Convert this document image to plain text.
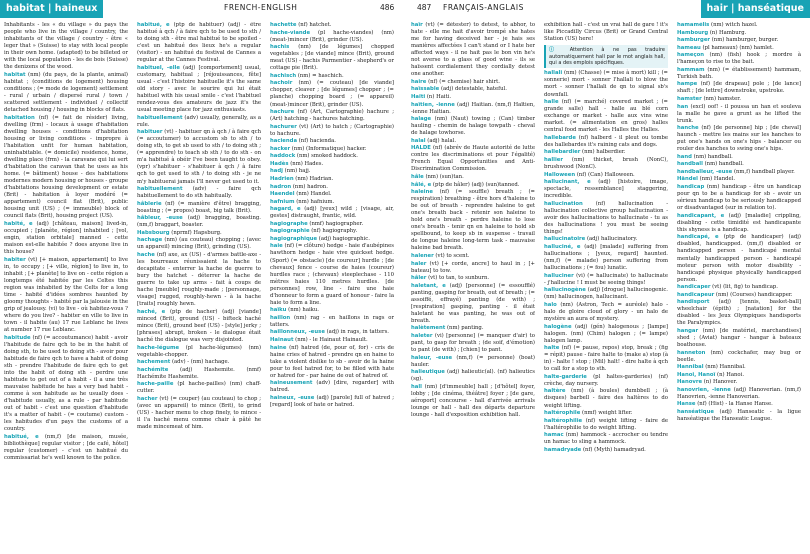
habitat | haineux	FRENCH-ENGLISH	486
Inhabitants - les « du village » du pays the people who live in the village / country, the inhabitants of the village / country - être « leger that » (Suisse) to stay with local people in their own home. (adapted) to be billeted or with the local population - les de bois (Suisse) the denizens of the wood.
habitat (nm) (du pays, de la plante, animal) habitat ; (conditions de logement) housing conditions ; (= mode de logement) settlement - rural / urbain / dispersé rural / town / scattered settlement - individuel / collectif detached housing / housing in blocks of flats.
habitation (nf) (= fait de résider) living, dwelling (frm) - locaux à usage d'habitation dwelling houses - conditions d'habitation housing or living conditions - impropre à l'habitation unfit for human habitation, uninhabitable. (= domicile) residence, home, dwelling place (frm) - la caravane qui lui sert d'habitation the caravan that he uses as his home. (= bâtiment) house - des habitations modernes modern housing or houses - groupe d'habitations housing development or estate (Brit) - habitation à loyer modéré (= appartement) council flat (Brit), public housing unit (US) ; (= immeuble) block of council flats (Brit), housing project (US).
habité, e (adj) [château, maison] lived-in, occupied ; [planète, région] inhabited ; [vol, engin, station orbitale] manned - cette maison est-elle habitée ? does anyone live in this house?
habiter (vt) [+ maison, appartement] to live in, to occupy ; [+ ville, région] to live in, to inhabit ; [+ planète] to live on - cette région a longtemps été habitée par les Celtes this region was inhabited by the Celts for a long time - habité d'idées sombres haunted by gloomy thoughts - habité par la jalousie in the grip of jealousy. (vi) to live - où habitez-vous ? where do you live? - habiter en ville to live in town - il habite (au) 17 rue Leblanc he lives at number 17 rue Leblanc.
habitude (nf) (= accoutumance) habit - avoir l'habitude de faire qch to be in the habit of doing sth, to be used to doing sth - avoir pour habitude de faire qch to have a habit of doing sth - prendre l'habitude de faire qch to get into the habit of doing sth - perdre une habitude to get out of a habit - il a une très mauvaise habitude he has a very bad habit - comme à son habitude as he usually does - d'habitude usually, as a rule - par habitude out of habit - c'est une question d'habitude it's a matter of habit - (= coutume) custom - les habitudes d'un pays the customs of a country.
habitué, e (nm,f) [de maison, musée, bibliothèque] regular visitor ; [de café, hôtel] regular (customer) - c'est un habitué du commissariat he's well known to the police.
habitué, e (ptp de habituer) (adj) - être habitué à qch / à faire qch to be used to sth / to doing sth - être mal habitué to be spoiled - c'est un habitué des lieux he's a regular (visitor) - un habitué du festival de Cannes a regular at the Cannes Festival.
habituel, -elle (adj) [comportement] usual, customary, habitual ; [réjouissances, fête] usual - c'est l'histoire habituelle it's the same old story - avec le sourire qui lui était habituel with his usual smile - c'est l'habituel rendez-vous des amateurs de jazz it's the usual meeting place for jazz enthusiasts.
habituellement (adv) usually, generally, as a rule.
habituer (vt) - habituer qn à qch / à faire qch (= accoutumer) to accustom sb to sth / to doing sth, to get sb used to sth / to doing sth ; (= apprendre) to teach sb sth / to do sth - on m'a habitué à obéir I've been taught to obey. (vpr) s'habituer - s'habituer à qch / à faire qch to get used to sth / to doing sth - je ne m'y habituerai jamais I'll never get used to it.
habituellement (adv) - faire qch habituellement to do sth habitually.
hâblerie (nf) (= manière d'être) bragging, boasting ; (= propos) boast, big talk (Brit).
hâbleur, -euse (adj) bragging, boasting. (nm,f) braggart, boaster.
Habsbourg (nprmf) Hapsburg.
hachage (nm) (au couteau) chopping ; (avec un appareil) mincing (Brit), grinding (US).
hache (nf) axe, ax (US) - d'armes battle-axe - les bourreaux réunissaient la hache to decapitate - enterrer la hache de guerre to bury the hatchet - déterrer la hache de guerre to take up arms - fait à coups de hache [meuble] roughly-made ; [personnage, visage] rugged, roughly-hewn - à la hache [traits] roughly hewn.
haché, e (ptp de hacher) (adj) [viande] minced (Brit), ground (US) - bifteck haché mince (Brit), ground beef (US) - [style] jerky ; [phrases] abrupt, broken - le dialogue était haché the dialogue was very disjointed.
hache-légume (pl hache-légumes) (nm) vegetable-chopper.
hachement (adv) - (nm) hachage.
hachémite (adj) Hashemite. (nmf) Hachémite Hashemite.
hache-paille (pl hache-pailles) (nm) chaff-cutter.
hacher (vt) (= couper) (au couteau) to chop ; (avec un appareil) to mince (Brit), to grind (US) - hacher menu to chop finely, to mince - il l'a haché menu comme chair à pâté he made mincemeat of him.
hachette (nf) hatchet.
hache-viande (pl hache-viandes) (nm) (meat-)mincer (Brit), grinder (US).
hachis (nm) [de légumes] chopped vegetables ; [de viande] mince (Brit), ground meat (US) - hachis Parmentier - shepherd's or cottage pie (Brit).
hachisch (nm) = haschich.
hachoir (nm) (= couteau) [de viande] chopper, cleaver ; [de légumes] chopper ; (= planche) chopping board ; (= appareil) (meat-)mincer (Brit), grinder (US).
hachure (nf) (Art, Cartographie) hachure ; (Art) hatching - hachures hatching.
hachurer (vt) (Art) to hatch ; (Cartographie) to hachure.
hacienda (nf) hacienda.
hacker (nm) (Informatique) hacker.
haddock (nm) smoked haddock.
Hadès (nm) Hades.
hadj (nm) hajj.
Hadrien (nm) Hadrian.
hadron (nm) hadron.
Haendel (nm) Handel.
hafnium (nm) hafnium.
hagard, e (adj) [yeux] wild ; [visage, air, gestes] distraught, frantic, wild.
hagiographe (nmf) hagiographer.
hagiographie (nf) hagiography.
hagiographique (adj) hagiographic.
haie (nf) (= clôture) hedge - haie d'aubépines hawthorn hedge - haie vive quickset hedge. (Sport) (= obstacle) [de coureur] hurdle ; [de chevaux] fence - course de haies (coureur) hurdles race ; (chevaux) steeplechase - 110 mètres haies 110 metres hurdles. [de personnes] row, line - faire une haie d'honneur to form a guard of honour - faire la haie to form a line.
haïku (nm) haiku.
haillon (nm) rag - en haillons in rags or tatters.
haillonneux, -euse (adj) in rags, in tatters.
Hainaut (nm) - le Hainaut Hainault.
haine (nf) hatred (de, pour of, for) - cris de haine cries of hatred - prendre qn en haine to take a violent dislike to sb - avoir de la haine pour to feel hatred for, to be filled with hate or hatred for - par haine de out of hatred of.
haineusement (adv) [dire, regarder] with hatred.
haineux, -euse (adj) [parole] full of hatred ; [regard] look of hate or hatred.
487 FRANÇAIS-ANGLAIS	hair | hanséatique
haïr (vt) (= détester) to detest, to abhor, to hate - elle me hait d'avoir trompé she hates me for having deceived her - je hais ses manières affectées I can't stand or I hate her affected ways - il ne hait pas le bon vin he's not averse to a glass of good wine - ils se haïssent cordialement they cordially detest one another.
haire (nf) (= chemise) hair shirt.
haïssable (adj) detestable, hateful.
Haïti (n) Haiti.
haïtien, -ienne (adj) Haitian. (nm,f) Haïtien, -ienne Haitian.
halage (nm) (Naut) towing ; (Can) timber hauling - chemin de halage towpath - cheval de halage towhorse.
halal (adj) halal.
HALDE (nf) (abrév de Haute autorité de lutte contre les discriminations et pour l'égalité) French Equal Opportunities and Anti-Discrimination Commission.
hâle (nm) (sun)tan.
hâlé, e (ptp de hâler) (adj) (sun)tanned.
haleine (nf) (= souffle) breath ; (= respiration) breathing - être hors d'haleine to be out of breath - reprendre haleine to get one's breath back - retenir son haleine to hold one's breath - perdre haleine to lose one's breath - tenir qn en haleine to hold sb spellbound, to keep sb in suspense - travail de longue haleine long-term task - mauvaise haleine bad breath.
halener (vt) to scent.
haler (vt) [+ corde, ancre] to haul in ; [+ bateau] to tow.
hâler (vt) to tan, to sunburn.
haletant, e (adj) [personne] (= essoufflé) panting, gasping for breath, out of breath ; (= assoiffé, effrayé) panting (de with) ; [respiration] gasping, panting - il était haletant he was panting, he was out of breath.
halètement (nm) panting.
haleter (vi) [personne] (= manquer d'air) to pant, to gasp for breath ; (de soif, d'émotion) to pant (de with) ; [chien] to pant.
haleur, -euse (nm,f) (= personne) (boat) hauler.
halieutique (adj) halieutic(al). (nf) halieutics (sg).
hall (nm) [d'immeuble] hall ; [d'hôtel] foyer, lobby ; [de cinéma, théâtre] foyer ; [de gare, aéroport] concourse - hall d'arrivée arrivals lounge or hall - hall des départs departure lounge - hall d'exposition exhibition hall.
exhibition hall - c'est un vrai hall de gare ! it's like Piccadilly Circus (Brit) or Grand Central Station (US) here!
ⓘ Attention à ne pas traduire automatiquement hall par le mot anglais hall, qui a des emplois spécifiques.
hallali (nm) (Chasse) (= mise à mort) kill ; (= sonnerie) mort - sonner l'hallali to blow the mort - sonner l'hallali de qn to signal sb's downfall.
halle (nf) (= marché) covered market ; (= grande salle) hall - halle au blé corn exchange or market - halle aux vins wine market. (= alimentation en gros) halles central food market - les Halles the Halles.
hallebarde (nf) halberd - il pleut ou tombe des hallebardes it's raining cats and dogs.
hallebardier (nm) halberdier.
hallier (nm) thicket, brush (NonC), brushwood (NonC).
Halloween (nf) (Can) Halloween.
hallucinant, e (adj) [histoire, image, spectacle, ressemblance] staggering, incredible.
hallucination (nf) hallucination - hallucination collective group hallucination - avoir des hallucinations to hallucinate - tu as des hallucinations ! you must be seeing things!
hallucinatoire (adj) hallucinatory.
halluciné, e (adj) [malade] suffering from hallucinations ; [yeux, regard] haunted. (nm,f) (= malade) person suffering from hallucinations ; (= fou) lunatic.
halluciner (vi) (= hallucinate) to hallucinate - j'hallucine ! I must be seeing things!
hallucinogène (adj) [drogue] hallucinogenic. (nm) hallucinogen, hallucinant.
halo (nm) (Astron, Tech = auréole) halo - halo de gloire cloud of glory - un halo de mystère an aura of mystery.
halogène (adj) (gén) halogenous ; [lampe] halogen. (nm) (Chim) halogen ; (= lampe) halogen lamp.
halte (nf) (= pause, repos) stop, break ; (fig = répit) pause - faire halte to (make a) stop (à in) - halte ! stop ; (Mil) halt! - dire halte à qch to call for a stop to sth.
halte-garderie (pl haltes-garderies) (nf) crèche, day nursery.
haltère (nm) (à boules) dumbbell ; (à disques) barbell - faire des haltères to do weight lifting.
haltérophile (nmf) weight lifter.
haltérophilie (nf) weight lifting - faire de l'haltérophilie to do weight lifting.
hamac (nm) hammock - accrocher ou tendre un hamac to sling a hammock.
hamadryade (nf) (Myth) hamadryad.
hamamélis (nm) witch hazel.
Hambourg (n) Hamburg.
hamburger (nm) hamburger, burger.
hameau (pl hameaux) (nm) hamlet.
hameçon (nm) (fish) hook ; mordre à l'hameçon to rise to the bait.
hammam (nm) (= établissement) hammam, Turkish bath.
hampe (nf) [de drapeau] pole ; [de lance] shaft ; [de lettre] downstroke, upstroke.
hamster (nm) hamster.
han (excl) oof! - il poussa un han et souleva la malle he gave a grunt as he lifted the trunk.
hanche (nf) [de personne] hip ; [de cheval] haunch - mettre les mains sur les hanches to put one's hands on one's hips - balancer ou rouler des hanches to swing one's hips.
hand (nm) handball.
handball (nm) handball.
handballeur, -euse (nm,f) handball player.
Händel (nm) Handel.
handicap (nm) handicap - être un handicap pour qn to be a handicap for sb - avoir un sérieux handicap to be seriously handicapped or disadvantaged (sur in relation to).
handicapant, e (adj) [maladie] crippling, disabling - cette timidité est handicapante this shyness is a handicap.
handicapé, e (ptp de handicaper) (adj) disabled, handicapped. (nm,f) disabled or handicapped person - handicapé mental mentally handicapped person - handicapé moteur person with motor disability - handicapé physique physically handicapped person.
handicaper (vt) (lit, fig) to handicap.
handicapeur (nm) (Courses) handicapper.
handisport (adj) [tennis, basket-ball] wheelchair (épith) ; [natation] for the disabled - les Jeux Olympiques handisports the Paralympics.
hangar (nm) [de matériel, marchandises] shed ; (Aviat) hangar - hangar à bateaux boathouse.
hanneton (nm) cockchafer, may bug or beetle.
Hannibal (nm) Hannibal.
Hanoi, Hanoï (n) Hanoi.
Hanovre (n) Hanover.
hanovrien, -ienne (adj) Hanoverian. (nm,f) Hanovrien, -ienne Hanoverian.
Hanse (nf) (Hist) - la Hanse Hanse.
hanséatique (adj) Hanseatic - la ligue hanséatique the Hanseatic League.
